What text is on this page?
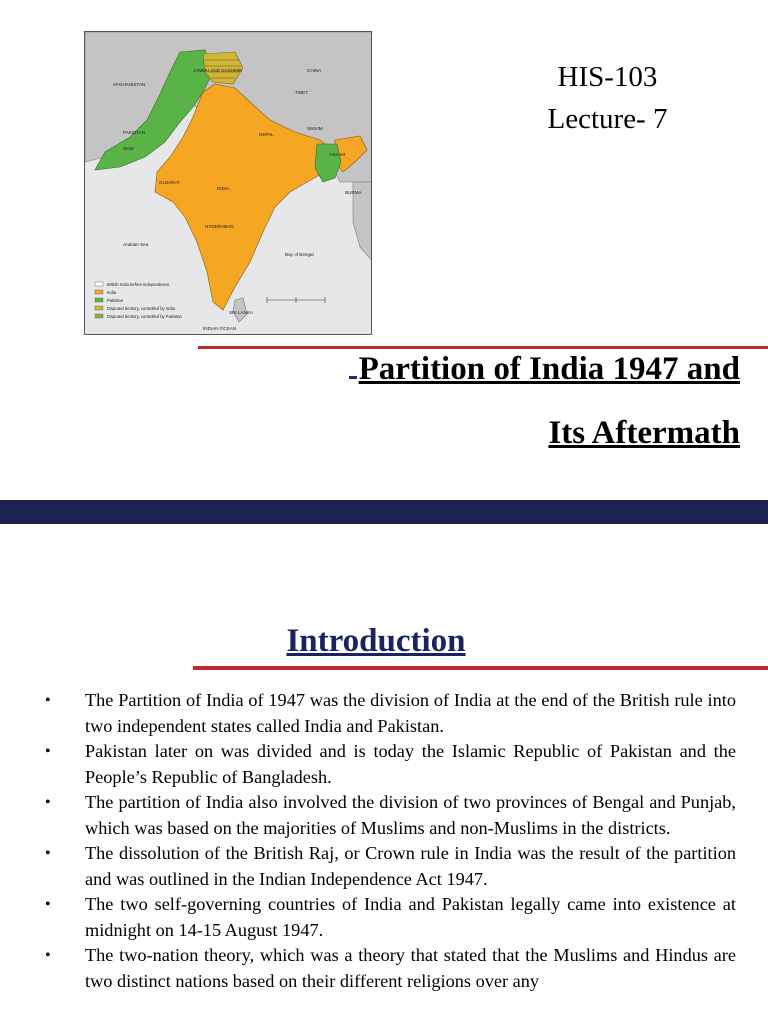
AFGHANISTAN
CHINA
TIBET
PAKISTAN
INDIA
NEPAL
BURMA
HYDERABAD
Arabian Sea
Bay of Bengal
INDIAN OCEAN
JAMMU AND KASHMIR
SRI LANKA
SIKKIM
ASSAM
GUJARAT
SIND
British India before independence
India
Pakistan
Disputed territory, controlled by India
Disputed territory, controlled by Pakistan
HIS-103
Lecture- 7
Partition of India 1947 and
Its Aftermath
Introduction
• The Partition of India of 1947 was the division of India at the end of the British rule into two independent states called India and Pakistan.
• Pakistan later on was divided and is today the Islamic Republic of Pakistan and the People’s Republic of Bangladesh.
• The partition of India also involved the division of two provinces of Bengal and Punjab, which was based on the majorities of Muslims and non-Muslims in the districts.
• The dissolution of the British Raj, or Crown rule in India was the result of the partition and was outlined in the Indian Independence Act 1947.
• The two self-governing countries of India and Pakistan legally came into existence at midnight on 14-15 August 1947.
• The two-nation theory, which was a theory that stated that the Muslims and Hindus are two distinct nations based on their different religions over any
